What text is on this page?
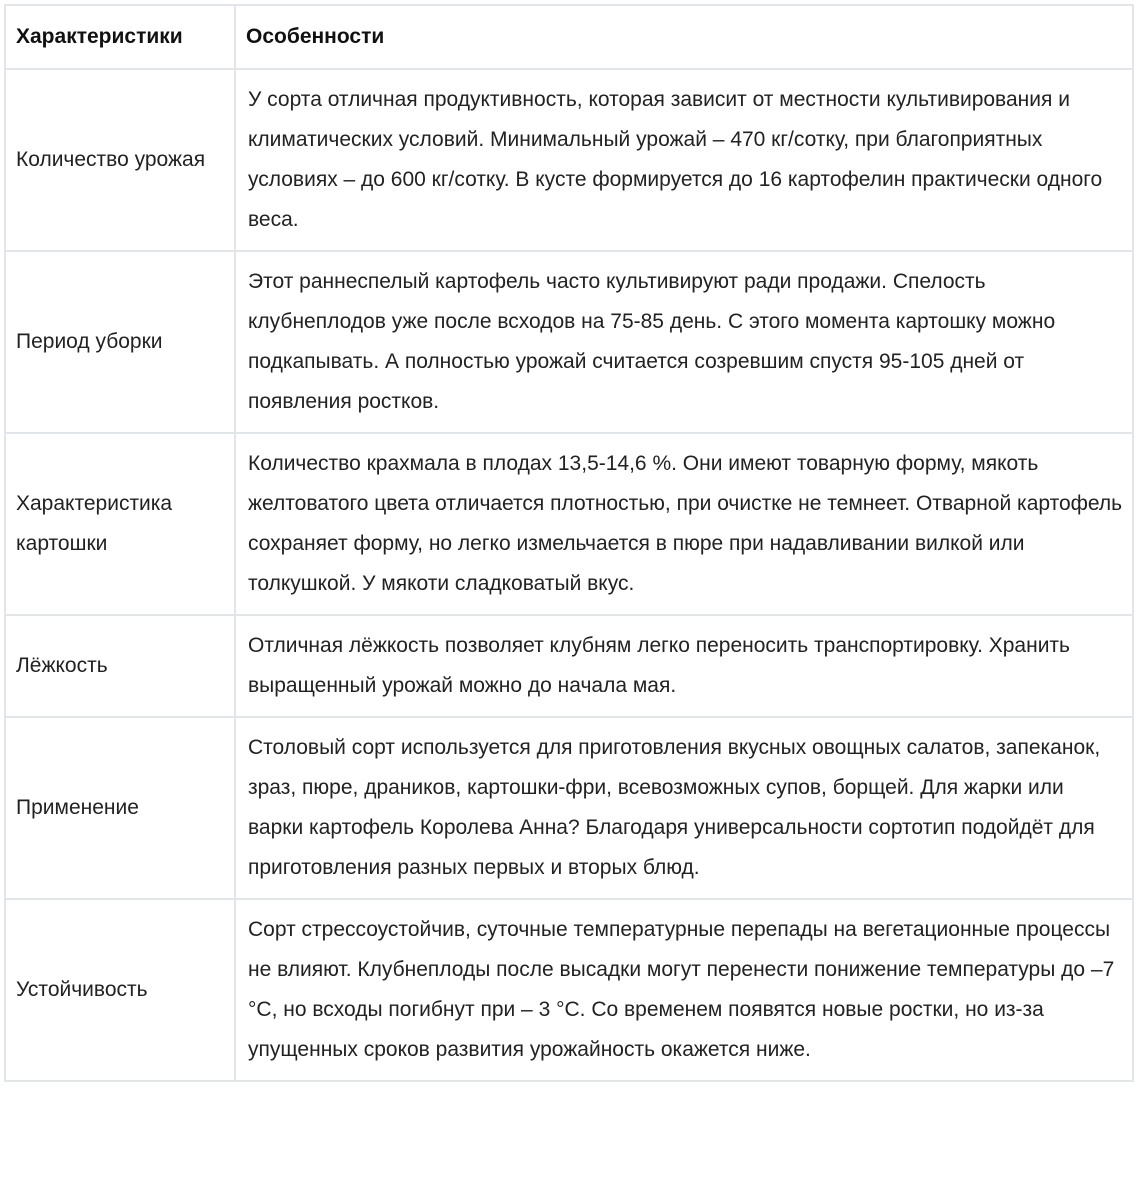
Характеристики	Особенности
Количество урожая	У сорта отличная продуктивность, которая зависит от местности культивирования и климатических условий. Минимальный урожай – 470 кг/сотку, при благоприятных условиях – до 600 кг/сотку. В кусте формируется до 16 картофелин практически одного веса.
Период уборки	Этот раннеспелый картофель часто культивируют ради продажи. Спелость клубнеплодов уже после всходов на 75-85 день. С этого момента картошку можно подкапывать. А полностью урожай считается созревшим спустя 95-105 дней от появления ростков.
Характеристика картошки	Количество крахмала в плодах 13,5-14,6 %. Они имеют товарную форму, мякоть желтоватого цвета отличается плотностью, при очистке не темнеет. Отварной картофель сохраняет форму, но легко измельчается в пюре при надавливании вилкой или толкушкой. У мякоти сладковатый вкус.
Лёжкость	Отличная лёжкость позволяет клубням легко переносить транспортировку. Хранить выращенный урожай можно до начала мая.
Применение	Столовый сорт используется для приготовления вкусных овощных салатов, запеканок, зраз, пюре, драников, картошки-фри, всевозможных супов, борщей. Для жарки или варки картофель Королева Анна? Благодаря универсальности сортотип подойдёт для приготовления разных первых и вторых блюд.
Устойчивость	Сорт стрессоустойчив, суточные температурные перепады на вегетационные процессы не влияют. Клубнеплоды после высадки могут перенести понижение температуры до –7 °C, но всходы погибнут при – 3 °C. Со временем появятся новые ростки, но из-за упущенных сроков развития урожайность окажется ниже.
